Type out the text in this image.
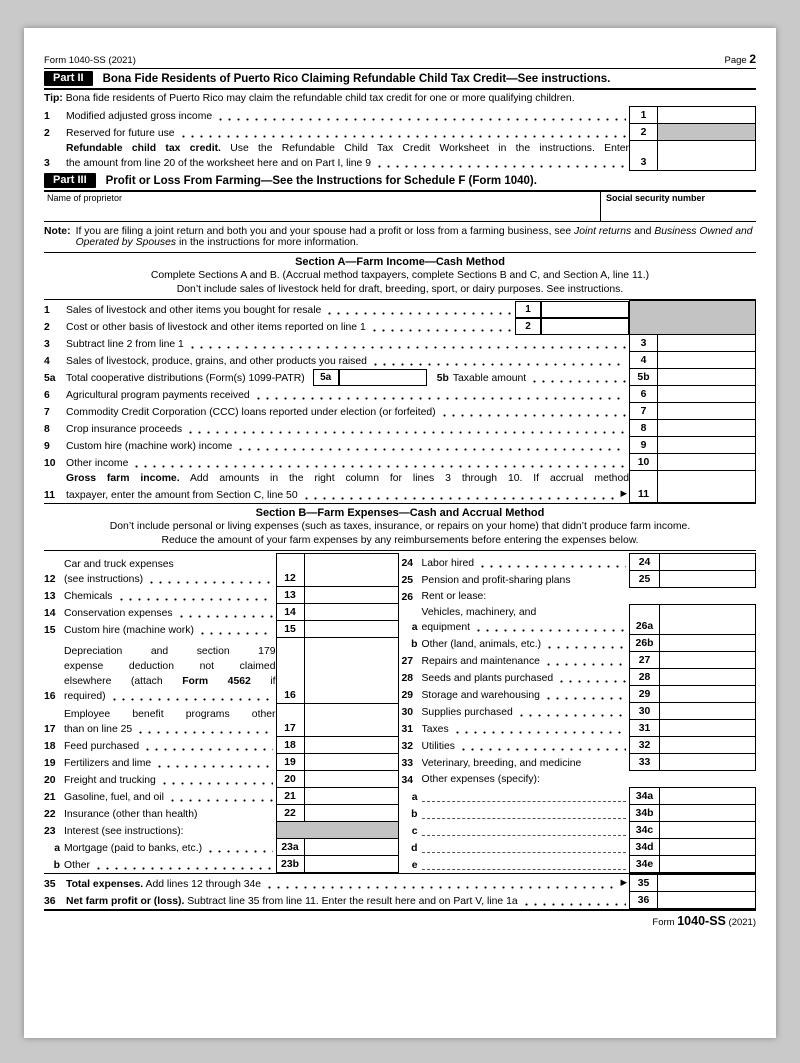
Form 1040-SS (2021)	Page 2
Part II	Bona Fide Residents of Puerto Rico Claiming Refundable Child Tax Credit—See instructions.
Tip: Bona fide residents of Puerto Rico may claim the refundable child tax credit for one or more qualifying children.
1	Modified adjusted gross income	1	
2	Reserved for future use	2	
3	Refundable child tax credit. Use the Refundable Child Tax Credit Worksheet in the instructions. Enter
the amount from line 20 of the worksheet here and on Part I, line 9	3	
Part III	Profit or Loss From Farming—See the Instructions for Schedule F (Form 1040).
Name of proprietor	Social security number
Note: If you are filing a joint return and both you and your spouse had a profit or loss from a farming business, see Joint returns and Business Owned and Operated by Spouses in the instructions for more information.
Section A—Farm Income—Cash Method
Complete Sections A and B. (Accrual method taxpayers, complete Sections B and C, and Section A, line 11.)
Don’t include sales of livestock held for draft, breeding, sport, or dairy purposes. See instructions.
1	Sales of livestock and other items you bought for resale 1		

2	Cost or other basis of livestock and other items reported on line 1 2		

3	Subtract line 2 from line 1	3	
4	Sales of livestock, produce, grains, and other products you raised	4	
5a	Total cooperative distributions (Form(s) 1099-PATR) 5a 5b Taxable amount	5b	
6	Agricultural program payments received	6	
7	Commodity Credit Corporation (CCC) loans reported under election (or forfeited)	7	
8	Crop insurance proceeds	8	
9	Custom hire (machine work) income	9	
10	Other income	10	
11	Gross farm income. Add amounts in the right column for lines 3 through 10. If accrual method
taxpayer, enter the amount from Section C, line 50 ▶	11	
Section B—Farm Expenses—Cash and Accrual Method
Don’t include personal or living expenses (such as taxes, insurance, or repairs on your home) that didn’t produce farm income.
Reduce the amount of your farm expenses by any reimbursements before entering the expenses below.
12	Car and truck expenses
(see instructions)	12	
13	Chemicals	13	
14	Conservation expenses	14	
15	Custom hire (machine work)	15	
16	Depreciation and section 179
expense deduction not claimed
elsewhere (attach Form 4562 if
required)	16	
17	Employee benefit programs other
than on line 25	17	
18	Feed purchased	18	
19	Fertilizers and lime	19	
20	Freight and trucking	20	
21	Gasoline, fuel, and oil	21	
22	Insurance (other than health)	22	
23	Interest (see instructions):		

a	Mortgage (paid to banks, etc.)	23a	
b	Other	23b	
24	Labor hired	24	
25	Pension and profit-sharing plans	25	
26	Rent or lease:		

a	Vehicles, machinery, and
equipment	26a	
b	Other (land, animals, etc.)	26b	
27	Repairs and maintenance	27	
28	Seeds and plants purchased	28	
29	Storage and warehousing	29	
30	Supplies purchased	30	
31	Taxes	31	
32	Utilities	32	
33	Veterinary, breeding, and medicine	33	
34	Other expenses (specify):		

a		34a	
b		34b	
c		34c	
d		34d	
e		34e	
35	Total expenses. Add lines 12 through 34e ▶	35	
36	Net farm profit or (loss). Subtract line 35 from line 11. Enter the result here and on Part V, line 1a	36	
Form 1040-SS (2021)
